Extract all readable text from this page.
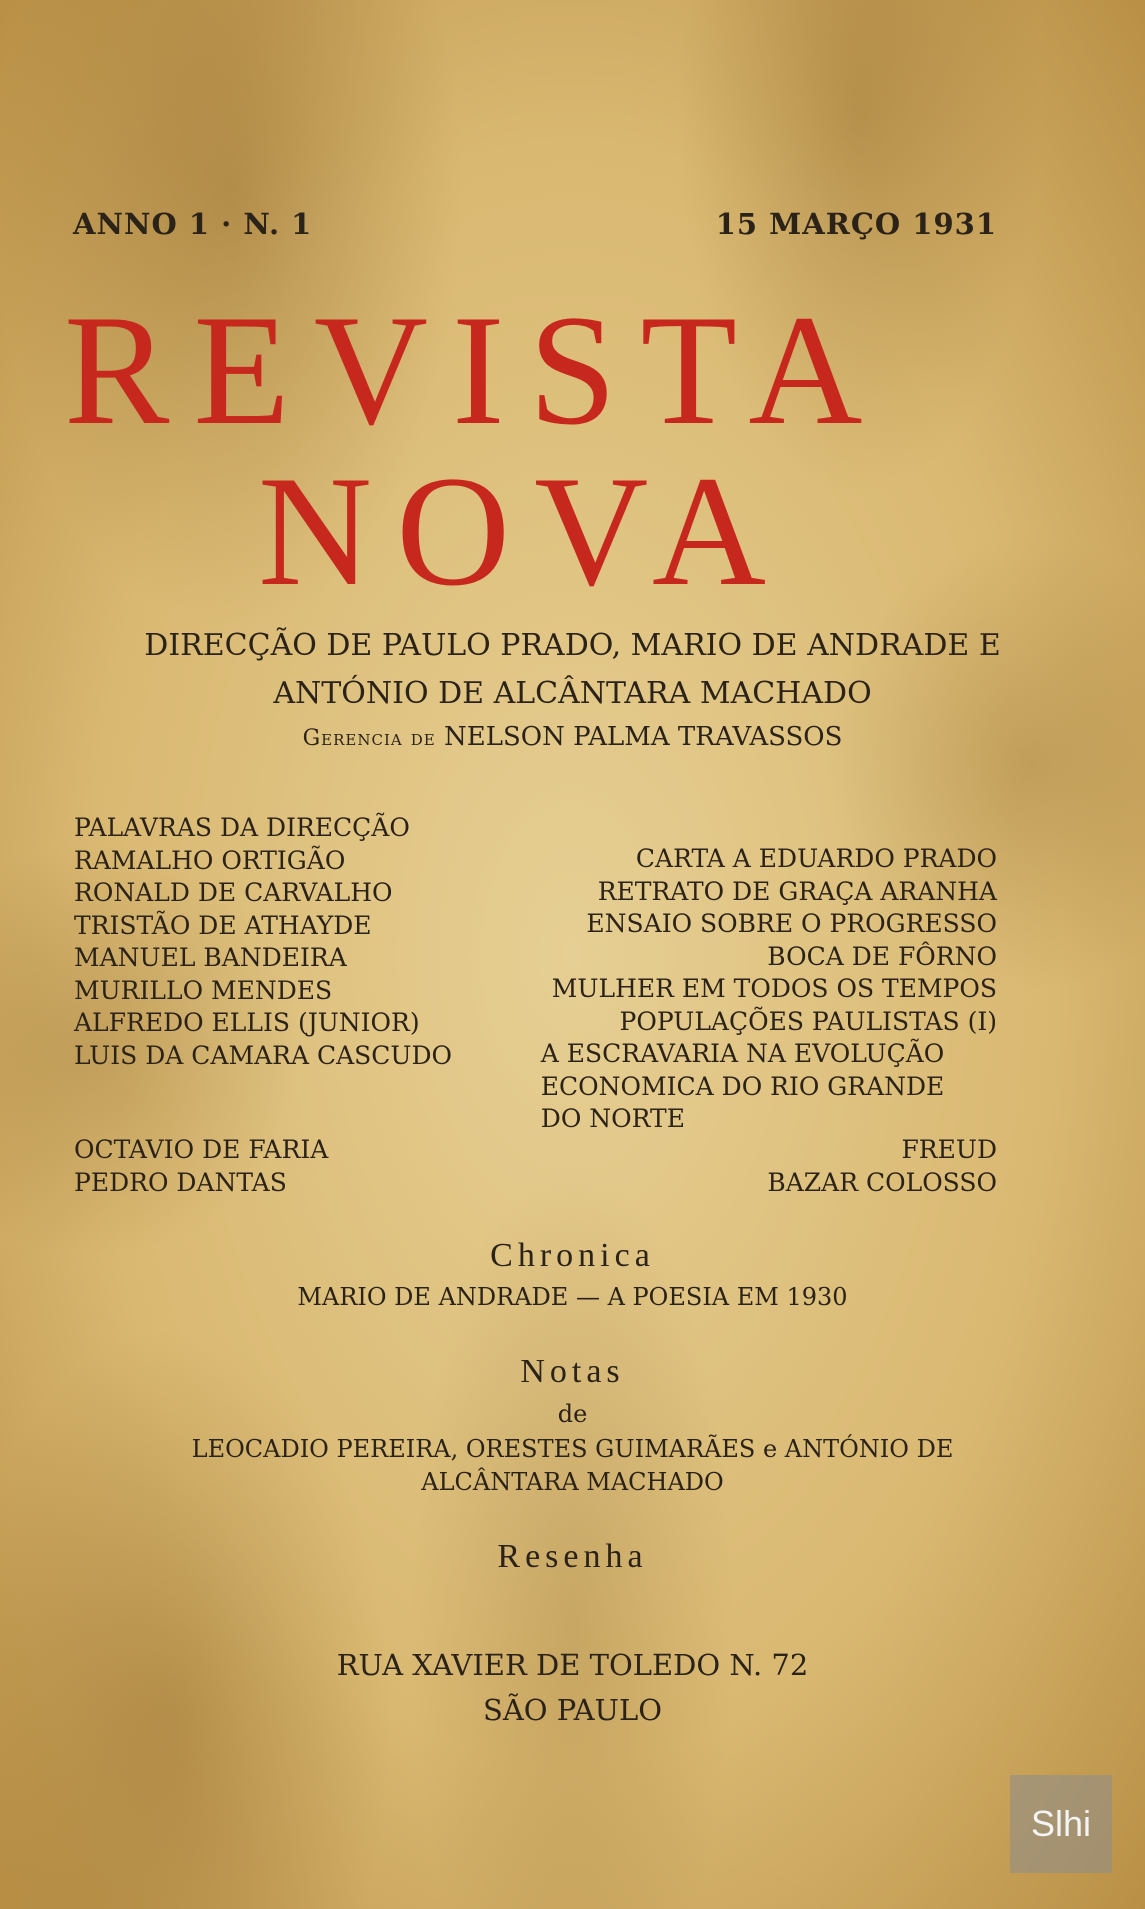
ANNO 1 · N. 1	15 MARÇO 1931
REVISTA
NOVA
DIRECÇÃO DE PAULO PRADO, MARIO DE ANDRADE E
ANTÓNIO DE ALCÂNTARA MACHADO
Gerencia de NELSON PALMA TRAVASSOS
PALAVRAS DA DIRECÇÃO
RAMALHO ORTIGÃO
RONALD DE CARVALHO
TRISTÃO DE ATHAYDE
MANUEL BANDEIRA
MURILLO MENDES
ALFREDO ELLIS (JUNIOR)
LUIS DA CAMARA CASCUDO
CARTA A EDUARDO PRADO
RETRATO DE GRAÇA ARANHA
ENSAIO SOBRE O PROGRESSO
BOCA DE FÔRNO
MULHER EM TODOS OS TEMPOS
POPULAÇÕES PAULISTAS (I)
A ESCRAVARIA NA EVOLUÇÃO
ECONOMICA DO RIO GRANDE
DO NORTE
OCTAVIO DE FARIA
PEDRO DANTAS
FREUD
BAZAR COLOSSO
Chronica
MARIO DE ANDRADE — A POESIA EM 1930
Notas
de
LEOCADIO PEREIRA, ORESTES GUIMARÃES e ANTÓNIO DE
ALCÂNTARA MACHADO
Resenha
RUA XAVIER DE TOLEDO N. 72
SÃO PAULO
Slhi
